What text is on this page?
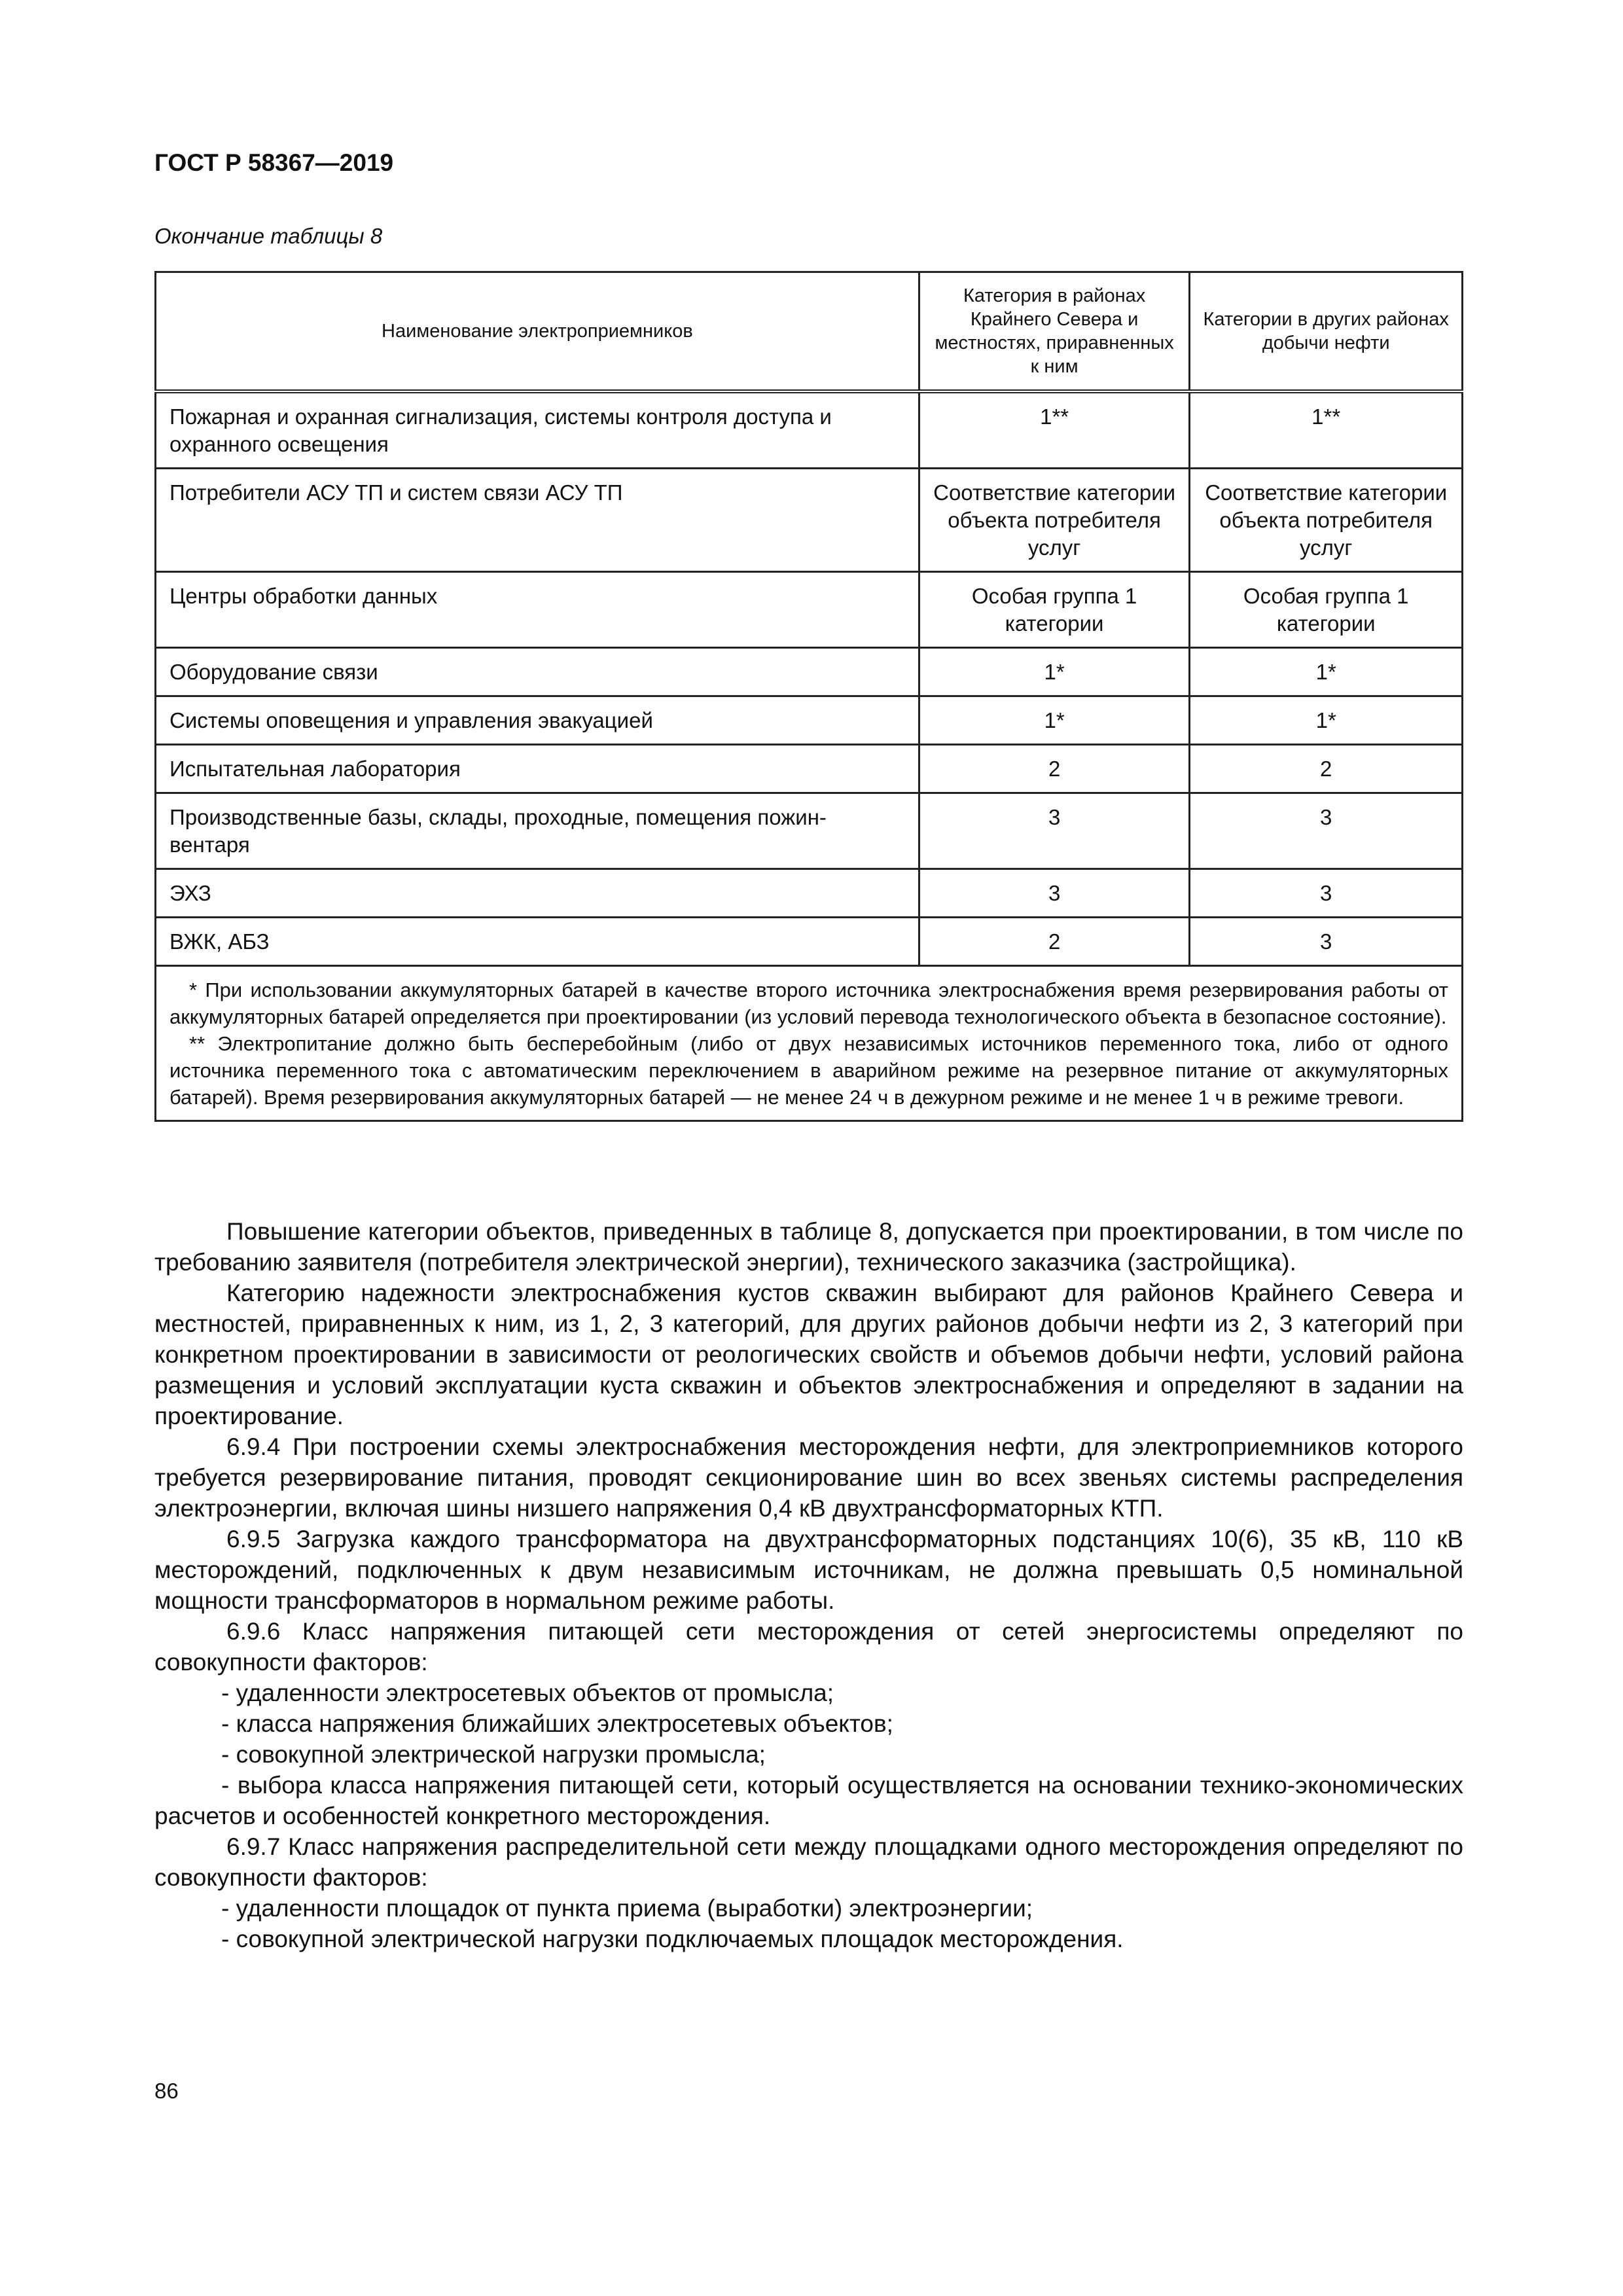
ГОСТ Р 58367—2019
Окончание таблицы 8
Наименование электроприемников	Категория в районах Крайнего Севера и местностях, приравненных к ним	Категории в других районах добычи нефти
Пожарная и охранная сигнализация, системы контроля доступа и охранного освещения	1**	1**
Потребители АСУ ТП и систем связи АСУ ТП	Соответствие категории объекта потребителя услуг	Соответствие категории объекта потребителя услуг
Центры обработки данных	Особая группа 1 категории	Особая группа 1 категории
Оборудование связи	1*	1*
Системы оповещения и управления эвакуацией	1*	1*
Испытательная лаборатория	2	2
Производственные базы, склады, проходные, помещения пожин-вентаря	3	3
ЭХЗ	3	3
ВЖК, АБЗ	2	3

* При использовании аккумуляторных батарей в качестве второго источника электроснабжения время резервирования работы от аккумуляторных батарей определяется при проектировании (из условий перевода технологического объекта в безопасное состояние).

** Электропитание должно быть бесперебойным (либо от двух независимых источников переменного тока, либо от одного источника переменного тока с автоматическим переключением в аварийном режиме на резервное питание от аккумуляторных батарей). Время резервирования аккумуляторных батарей — не менее 24 ч в дежурном режиме и не менее 1 ч в режиме тревоги.		

Повышение категории объектов, приведенных в таблице 8, допускается при проектировании, в том числе по требованию заявителя (потребителя электрической энергии), технического заказчика (застройщика).

Категорию надежности электроснабжения кустов скважин выбирают для районов Крайнего Севера и местностей, приравненных к ним, из 1, 2, 3 категорий, для других районов добычи нефти из 2, 3 категорий при конкретном проектировании в зависимости от реологических свойств и объемов добычи нефти, условий района размещения и условий эксплуатации куста скважин и объектов электроснабжения и определяют в задании на проектирование.

6.9.4 При построении схемы электроснабжения месторождения нефти, для электроприемников которого требуется резервирование питания, проводят секционирование шин во всех звеньях системы распределения электроэнергии, включая шины низшего напряжения 0,4 кВ двухтрансформаторных КТП.

6.9.5 Загрузка каждого трансформатора на двухтрансформаторных подстанциях 10(6), 35 кВ, 110 кВ месторождений, подключенных к двум независимым источникам, не должна превышать 0,5 номинальной мощности трансформаторов в нормальном режиме работы.

6.9.6 Класс напряжения питающей сети месторождения от сетей энергосистемы определяют по совокупности факторов:

- удаленности электросетевых объектов от промысла;

- класса напряжения ближайших электросетевых объектов;

- совокупной электрической нагрузки промысла;

- выбора класса напряжения питающей сети, который осуществляется на основании технико-экономических расчетов и особенностей конкретного месторождения.

6.9.7 Класс напряжения распределительной сети между площадками одного месторождения определяют по совокупности факторов:

- удаленности площадок от пункта приема (выработки) электроэнергии;

- совокупной электрической нагрузки подключаемых площадок месторождения.

86
